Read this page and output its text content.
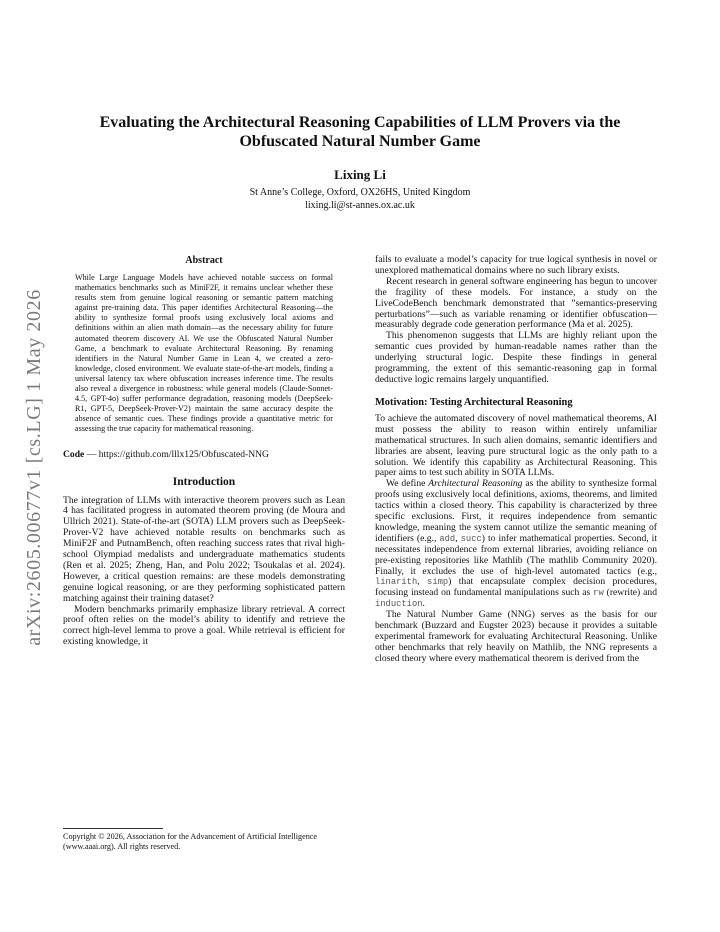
arXiv:2605.00677v1 [cs.LG] 1 May 2026
Evaluating the Architectural Reasoning Capabilities of LLM Provers via the Obfuscated Natural Number Game
Lixing Li
St Anne’s College, Oxford, OX26HS, United Kingdom
lixing.li@st-annes.ox.ac.uk
Abstract

While Large Language Models have achieved notable success on formal mathematics benchmarks such as MiniF2F, it remains unclear whether these results stem from genuine logical reasoning or semantic pattern matching against pre-training data. This paper identifies Architectural Reasoning—the ability to synthesize formal proofs using exclusively local axioms and definitions within an alien math domain—as the necessary ability for future automated theorem discovery AI. We use the Obfuscated Natural Number Game, a benchmark to evaluate Architectural Reasoning. By renaming identifiers in the Natural Number Game in Lean 4, we created a zero-knowledge, closed environment. We evaluate state-of-the-art models, finding a universal latency tax where obfuscation increases inference time. The results also reveal a divergence in robustness: while general models (Claude-Sonnet-4.5, GPT-4o) suffer performance degradation, reasoning models (DeepSeek-R1, GPT-5, DeepSeek-Prover-V2) maintain the same accuracy despite the absence of semantic cues. These findings provide a quantitative metric for assessing the true capacity for mathematical reasoning.

Code — https://github.com/lllx125/Obfuscated-NNG
Introduction

The integration of LLMs with interactive theorem provers such as Lean 4 has facilitated progress in automated theorem proving (de Moura and Ullrich 2021). State-of-the-art (SOTA) LLM provers such as DeepSeek-Prover-V2 have achieved notable results on benchmarks such as MiniF2F and PutnamBench, often reaching success rates that rival high-school Olympiad medalists and undergraduate mathematics students (Ren et al. 2025; Zheng, Han, and Polu 2022; Tsoukalas et al. 2024). However, a critical question remains: are these models demonstrating genuine logical reasoning, or are they performing sophisticated pattern matching against their training dataset?

Modern benchmarks primarily emphasize library retrieval. A correct proof often relies on the model’s ability to identify and retrieve the correct high-level lemma to prove a goal. While retrieval is efficient for existing knowledge, it

fails to evaluate a model’s capacity for true logical synthesis in novel or unexplored mathematical domains where no such library exists.

Recent research in general software engineering has begun to uncover the fragility of these models. For instance, a study on the LiveCodeBench benchmark demonstrated that ”semantics-preserving perturbations”—such as variable renaming or identifier obfuscation—measurably degrade code generation performance (Ma et al. 2025).

This phenomenon suggests that LLMs are highly reliant upon the semantic cues provided by human-readable names rather than the underlying structural logic. Despite these findings in general programming, the extent of this semantic-reasoning gap in formal deductive logic remains largely unquantified.

Motivation: Testing Architectural Reasoning

To achieve the automated discovery of novel mathematical theorems, AI must possess the ability to reason within entirely unfamiliar mathematical structures. In such alien domains, semantic identifiers and libraries are absent, leaving pure structural logic as the only path to a solution. We identify this capability as Architectural Reasoning. This paper aims to test such ability in SOTA LLMs.

We define Architectural Reasoning as the ability to synthesize formal proofs using exclusively local definitions, axioms, theorems, and limited tactics within a closed theory. This capability is characterized by three specific exclusions. First, it requires independence from semantic knowledge, meaning the system cannot utilize the semantic meaning of identifiers (e.g., add, succ) to infer mathematical properties. Second, it necessitates independence from external libraries, avoiding reliance on pre-existing repositories like Mathlib (The mathlib Community 2020). Finally, it excludes the use of high-level automated tactics (e.g., linarith, simp) that encapsulate complex decision procedures, focusing instead on fundamental manipulations such as rw (rewrite) and induction.

The Natural Number Game (NNG) serves as the basis for our benchmark (Buzzard and Eugster 2023) because it provides a suitable experimental framework for evaluating Architectural Reasoning. Unlike other benchmarks that rely heavily on Mathlib, the NNG represents a closed theory where every mathematical theorem is derived from the

Copyright © 2026, Association for the Advancement of Artificial Intelligence (www.aaai.org). All rights reserved.
